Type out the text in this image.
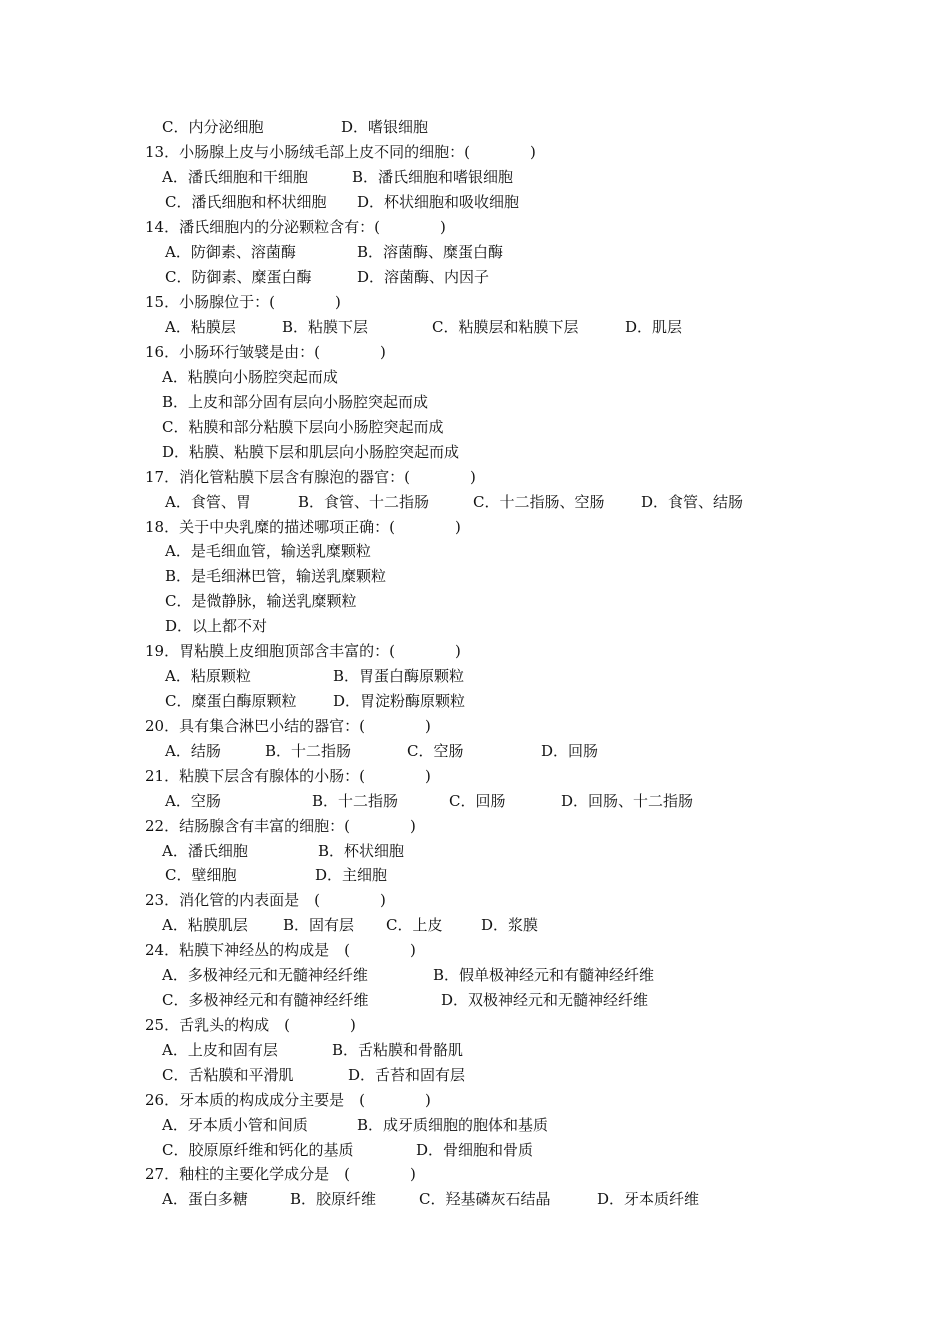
C．内分泌细胞	D．嗜银细胞
13．小肠腺上皮与小肠绒毛部上皮不同的细胞：(　　　　)
A．潘氏细胞和干细胞	B．潘氏细胞和嗜银细胞
C．潘氏细胞和杯状细胞 D．杯状细胞和吸收细胞
14．潘氏细胞内的分泌颗粒含有：(　　　　)
A．防御素、溶菌酶	B．溶菌酶、糜蛋白酶
C．防御素、糜蛋白酶	D．溶菌酶、内因子
15．小肠腺位于：(　　　　)
A．粘膜层	B．粘膜下层	C．粘膜层和粘膜下层	D．肌层
16．小肠环行皱襞是由：(　　　　)
A．粘膜向小肠腔突起而成
B．上皮和部分固有层向小肠腔突起而成
C．粘膜和部分粘膜下层向小肠腔突起而成
D．粘膜、粘膜下层和肌层向小肠腔突起而成
17．消化管粘膜下层含有腺泡的器官：(　　　　)
A．食管、胃	B．食管、十二指肠	C．十二指肠、空肠 D．食管、结肠
18．关于中央乳糜的描述哪项正确：(　　　　)
A．是毛细血管，输送乳糜颗粒
B．是毛细淋巴管，输送乳糜颗粒
C．是微静脉，输送乳糜颗粒
D．以上都不对
19．胃粘膜上皮细胞顶部含丰富的：(　　　　)
A．粘原颗粒	B．胃蛋白酶原颗粒
C．糜蛋白酶原颗粒 D．胃淀粉酶原颗粒
20．具有集合淋巴小结的器官：(　　　　)
A．结肠	B．十二指肠	C．空肠	D．回肠
21．粘膜下层含有腺体的小肠：(　　　　)
A．空肠	B．十二指肠	C．回肠	D．回肠、十二指肠
22．结肠腺含有丰富的细胞：(　　　　)
A．潘氏细胞	B．杯状细胞
C．壁细胞	D．主细胞
23．消化管的内表面是　(　　　　)
A．粘膜肌层 B．固有层 C．上皮	D．浆膜
24．粘膜下神经丛的构成是　(　　　　)
A．多极神经元和无髓神经纤维	B．假单极神经元和有髓神经纤维
C．多极神经元和有髓神经纤维	D．双极神经元和无髓神经纤维
25．舌乳头的构成　(　　　　)
A．上皮和固有层	B．舌粘膜和骨骼肌
C．舌粘膜和平滑肌	D．舌苔和固有层
26．牙本质的构成成分主要是　(　　　　)
A．牙本质小管和间质	B．成牙质细胞的胞体和基质
C．胶原原纤维和钙化的基质	D．骨细胞和骨质
27．釉柱的主要化学成分是　(　　　　)
A．蛋白多糖	B．胶原纤维	C．羟基磷灰石结晶	D．牙本质纤维
